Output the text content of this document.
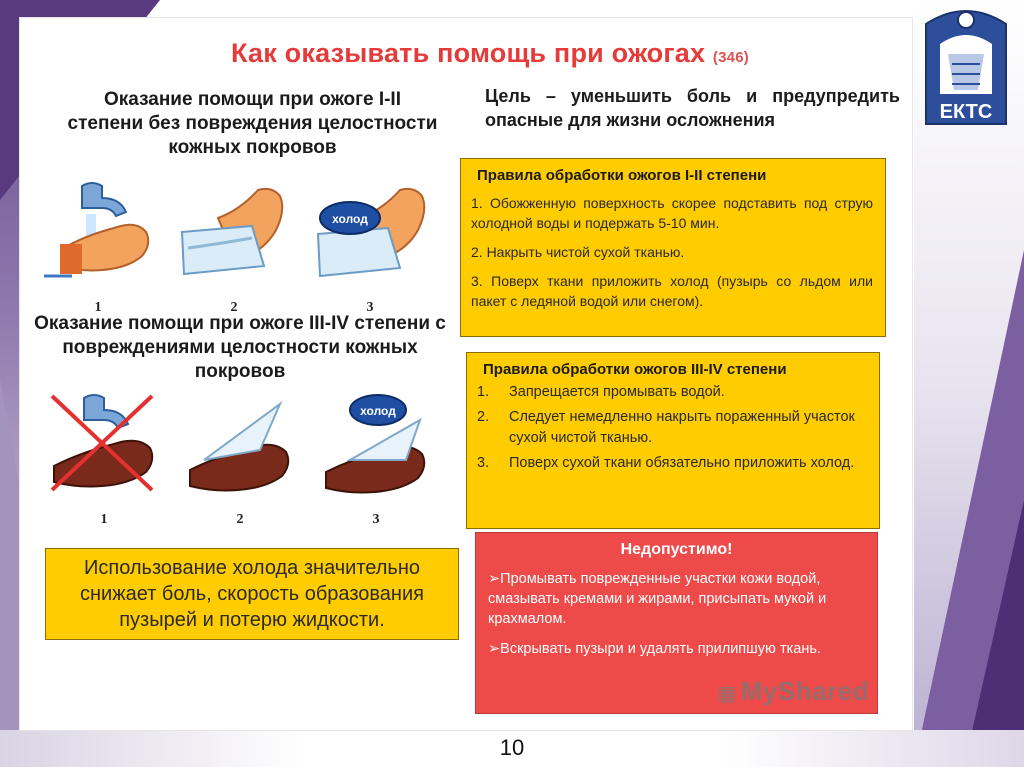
Как оказывать помощь при ожогах (346)
Оказание помощи при ожоге I-II степени без повреждения целостности кожных покровов
Цель – уменьшить боль и предупредить опасные для жизни осложнения
1	2
холод
3
Оказание помощи при ожоге III-IV степени с повреждениями целостности кожных покровов
1	2
холод
3
Правила обработки ожогов I-II степени

1. Обожженную поверхность скорее подставить под струю холодной воды и подержать 5-10 мин.

2. Накрыть чистой сухой тканью.

3. Поверх ткани приложить холод (пузырь со льдом или пакет с ледяной водой или снегом).

Правила обработки ожогов III-IV степени
1.	Запрещается промывать водой.
2.	Следует немедленно накрыть пораженный участок сухой чистой тканью.
3.	Поверх сухой ткани обязательно приложить холод.
Использование холода значительно снижает боль, скорость образования пузырей и потерю жидкости.
Недопустимо!

➢Промывать поврежденные участки кожи водой, смазывать кремами и жирами, присыпать мукой и крахмалом.

➢Вскрывать пузыри и удалять прилипшую ткань.

▦ MyShared
ЕКТС
10
